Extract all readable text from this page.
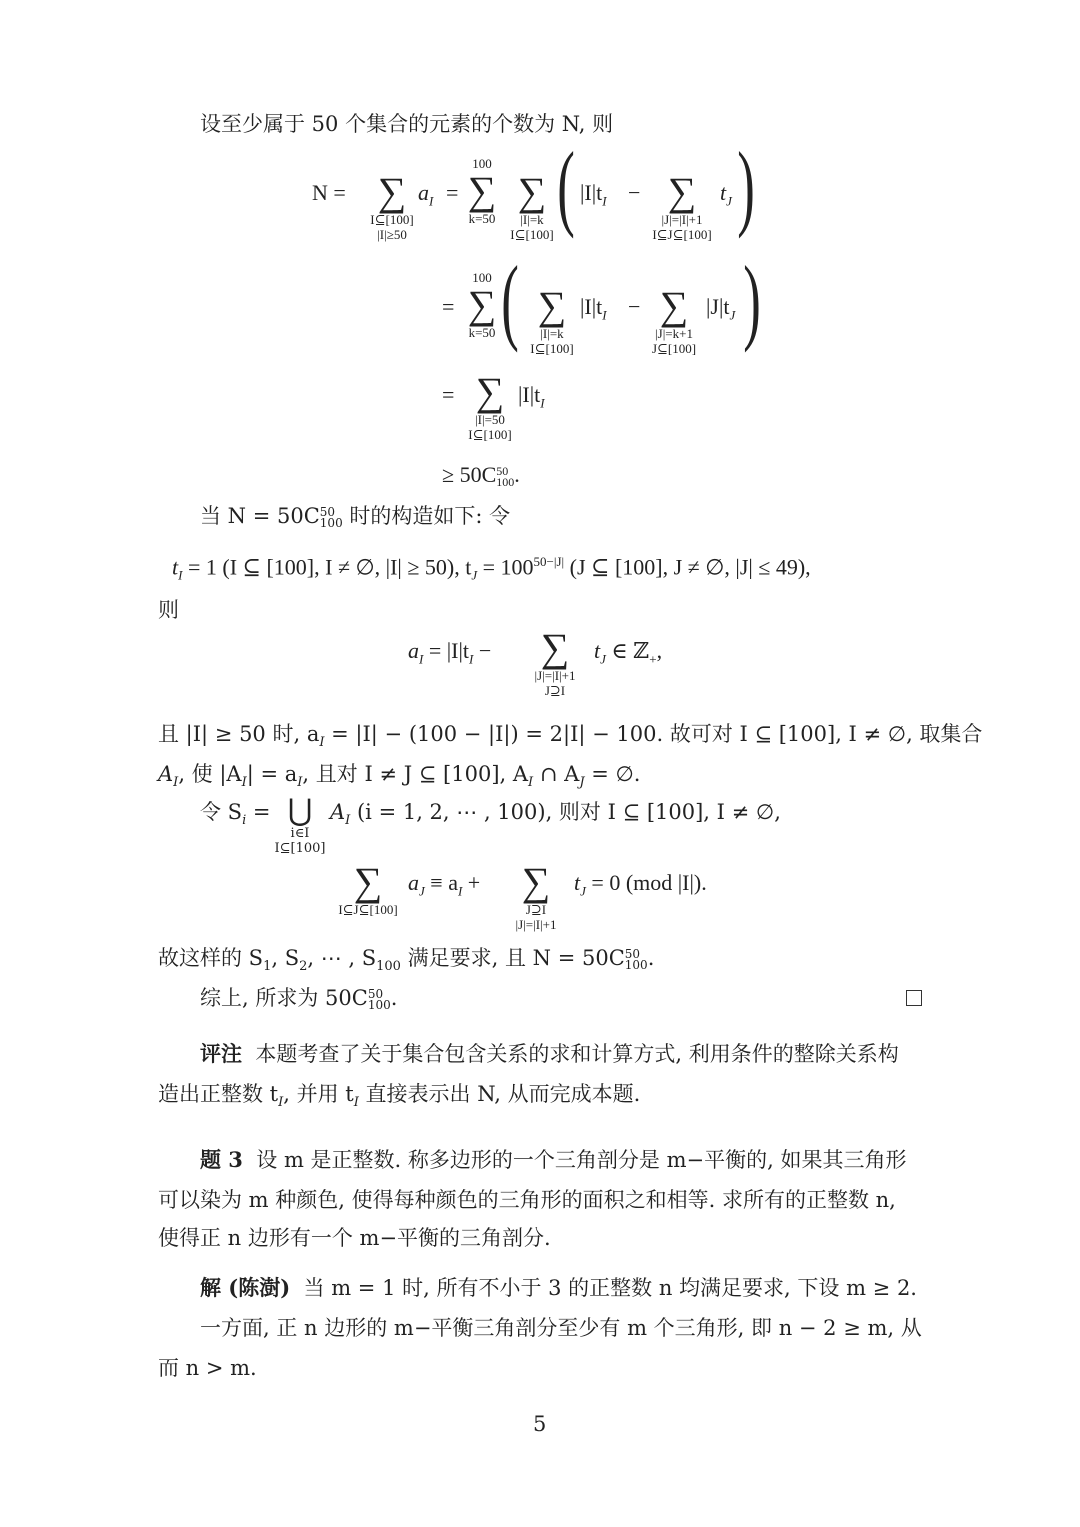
设至少属于 50 个集合的元素的个数为 N, 则
N = ∑
I⊆[100]
|I|≥50
$a_I$ =
100
∑
k=50
∑
|I|=k
I⊆[100] ( $|I|t_I$ − ∑
|J|=|I|+1
I⊆J⊆[100]
$t_J$ )
=
100
∑
k=50 ( ∑
|I|=k
I⊆[100]
$|I|t_I$ − ∑
|J|=k+1
J⊆[100]
$|J|t_J$ )
= ∑
|I|=50
I⊆[100]
$|I|t_I$
≥ 50C50
100.
当 N = 50C50
100 时的构造如下: 令
$t_I = 1$ (I ⊆ [100], I ≠ ∅, |I| ≥ 50), $t_J = 100^{50-|J|}$ (J ⊆ [100], J ≠ ∅, |J| ≤ 49),
则
$a_I = |I|t_I$ −	∑
|J|=|I|+1
J⊇I
$t_J$ ∈ ℤ$_+$,
且 |I| ≥ 50 时, $a_I = |I| - (100 - |I|) = 2|I| - 100$. 故可对 I ⊆ [100], I ≠ ∅, 取集合
$A_I$, 使 $|A_I| = a_I$, 且对 I ≠ J ⊆ [100], $A_I$ ∩ $A_J$ = ∅.
令 $S_i$ = ⋃
i∈I
I⊆[100]
$A_I$ (i = 1, 2, ⋯ , 100), 则对 I ⊆ [100], I ≠ ∅,
∑
I⊆J⊆[100]
$a_J \equiv a_I$ +	∑
J⊇I
|J|=|I|+1
$t_J = 0$ (mod |I|).
故这样的 $S_1$, $S_2$, ⋯ , $S_{100}$ 满足要求, 且 N = 50C50
100.
综上, 所求为 50C50
100.
评注 本题考查了关于集合包含关系的求和计算方式, 利用条件的整除关系构
造出正整数 $t_I$, 并用 $t_I$ 直接表示出 N, 从而完成本题.
题 3 设 m 是正整数. 称多边形的一个三角剖分是 m−平衡的, 如果其三角形
可以染为 m 种颜色, 使得每种颜色的三角形的面积之和相等. 求所有的正整数 n,
使得正 n 边形有一个 m−平衡的三角剖分.
解 (陈澍) 当 m = 1 时, 所有不小于 3 的正整数 n 均满足要求, 下设 m ≥ 2.
一方面, 正 n 边形的 m−平衡三角剖分至少有 m 个三角形, 即 n − 2 ≥ m, 从
而 n > m.
5
